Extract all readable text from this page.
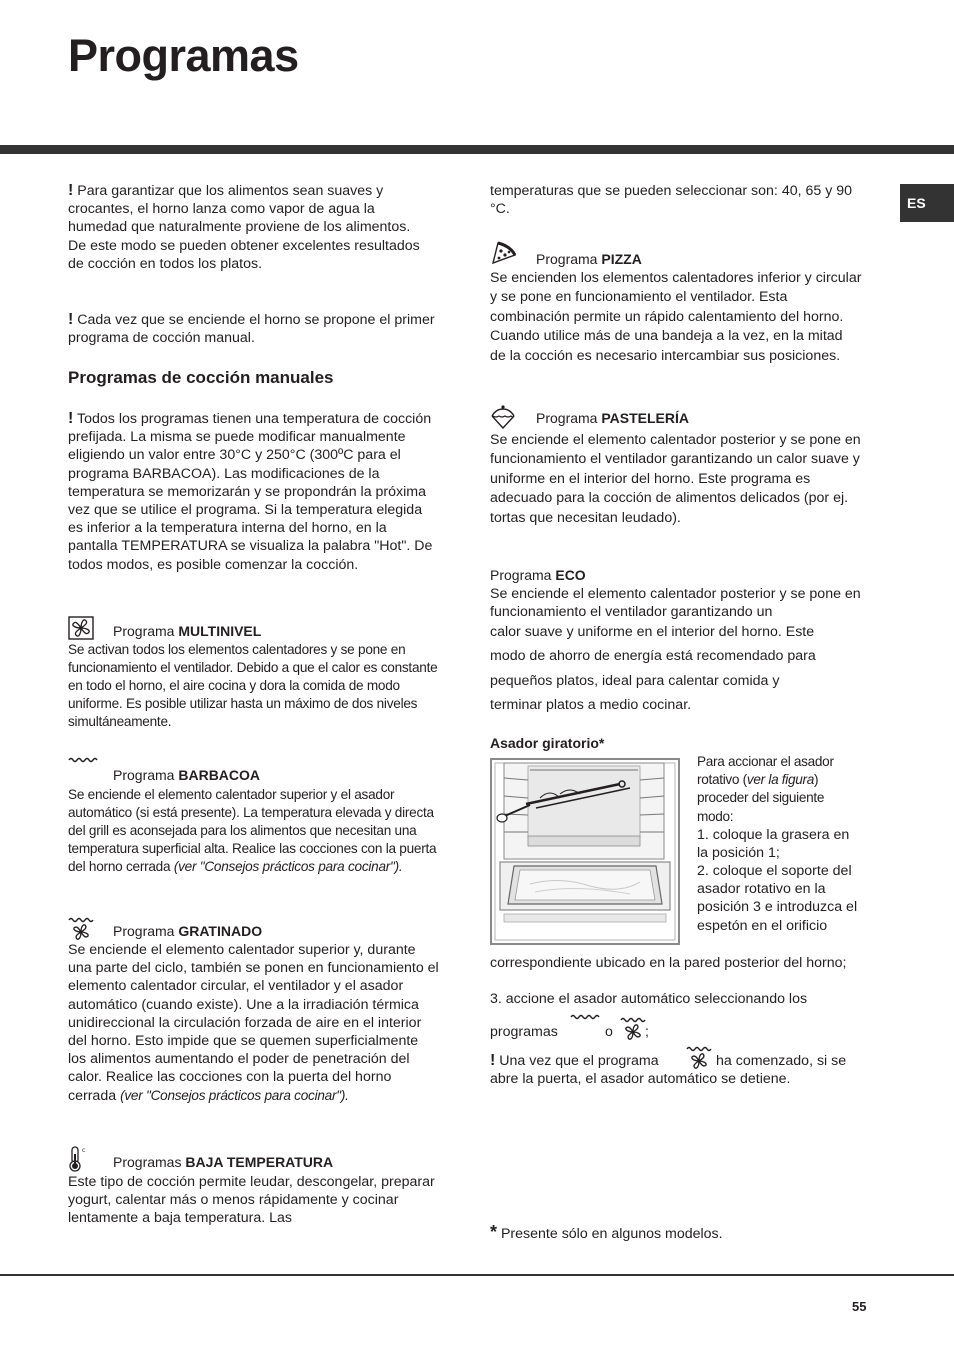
Programas
ES
! Para garantizar que los alimentos sean suaves y crocantes, el horno lanza como vapor de agua la humedad que naturalmente proviene de los alimentos. De este modo se pueden obtener excelentes resultados de cocción en todos los platos.
! Cada vez que se enciende el horno se propone el primer programa de cocción manual.
Programas de cocción manuales
! Todos los programas tienen una temperatura de cocción prefijada. La misma se puede modificar manualmente eligiendo un valor entre 30°C y 250°C (300ºC para el programa BARBACOA). Las modificaciones de la temperatura se memorizarán y se propondrán la próxima vez que se utilice el programa. Si la temperatura elegida es inferior a la temperatura interna del horno, en la pantalla TEMPERATURA se visualiza la palabra "Hot". De todos modos, es posible comenzar la cocción.
Programa MULTINIVEL
Se activan todos los elementos calentadores y se pone en funcionamiento el ventilador. Debido a que el calor es constante en todo el horno, el aire cocina y dora la comida de modo uniforme. Es posible utilizar hasta un máximo de dos niveles simultáneamente.
Programa BARBACOA
Se enciende el elemento calentador superior y el asador automático (si está presente). La temperatura elevada y directa del grill es aconsejada para los alimentos que necesitan una temperatura superficial alta. Realice las cocciones con la puerta del horno cerrada (ver "Consejos prácticos para cocinar").
Programa GRATINADO
Se enciende el elemento calentador superior y, durante una parte del ciclo, también se ponen en funcionamiento el elemento calentador circular, el ventilador y el asador automático (cuando existe). Une a la irradiación térmica unidireccional la circulación forzada de aire en el interior del horno. Esto impide que se quemen superficialmente los alimentos aumentando el poder de penetración del calor. Realice las cocciones con la puerta del horno cerrada (ver "Consejos prácticos para cocinar").
c
Programas BAJA TEMPERATURA
Este tipo de cocción permite leudar, descongelar, preparar yogurt, calentar más o menos rápidamente y cocinar lentamente a baja temperatura. Las
temperaturas que se pueden seleccionar son: 40, 65 y 90 °C.
Programa PIZZA
Se encienden los elementos calentadores inferior y circular y se pone en funcionamiento el ventilador. Esta combinación permite un rápido calentamiento del horno. Cuando utilice más de una bandeja a la vez, en la mitad de la cocción es necesario intercambiar sus posiciones.
Programa PASTELERÍA
Se enciende el elemento calentador posterior y se pone en funcionamiento el ventilador garantizando un calor suave y uniforme en el interior del horno. Este programa es adecuado para la cocción de alimentos delicados (por ej. tortas que necesitan leudado).
Programa ECO
Se enciende el elemento calentador posterior y se pone en funcionamiento el ventilador garantizando un
calor suave y uniforme en el interior del horno. Este
modo de ahorro de energía está recomendado para
pequeños platos, ideal para calentar comida y
terminar platos a medio cocinar.
Asador giratorio*
Para accionar el asador rotativo (ver la figura) proceder del siguiente modo:
1. coloque la grasera en la posición 1;
2. coloque el soporte del asador rotativo en la posición 3 e introduzca el espetón en el orificio
correspondiente ubicado en la pared posterior del horno;
3. accione el asador automático seleccionando los
programas	o ;
! Una vez que el programa	ha comenzado, si se abre la puerta, el asador automático se detiene.
* Presente sólo en algunos modelos.
55
